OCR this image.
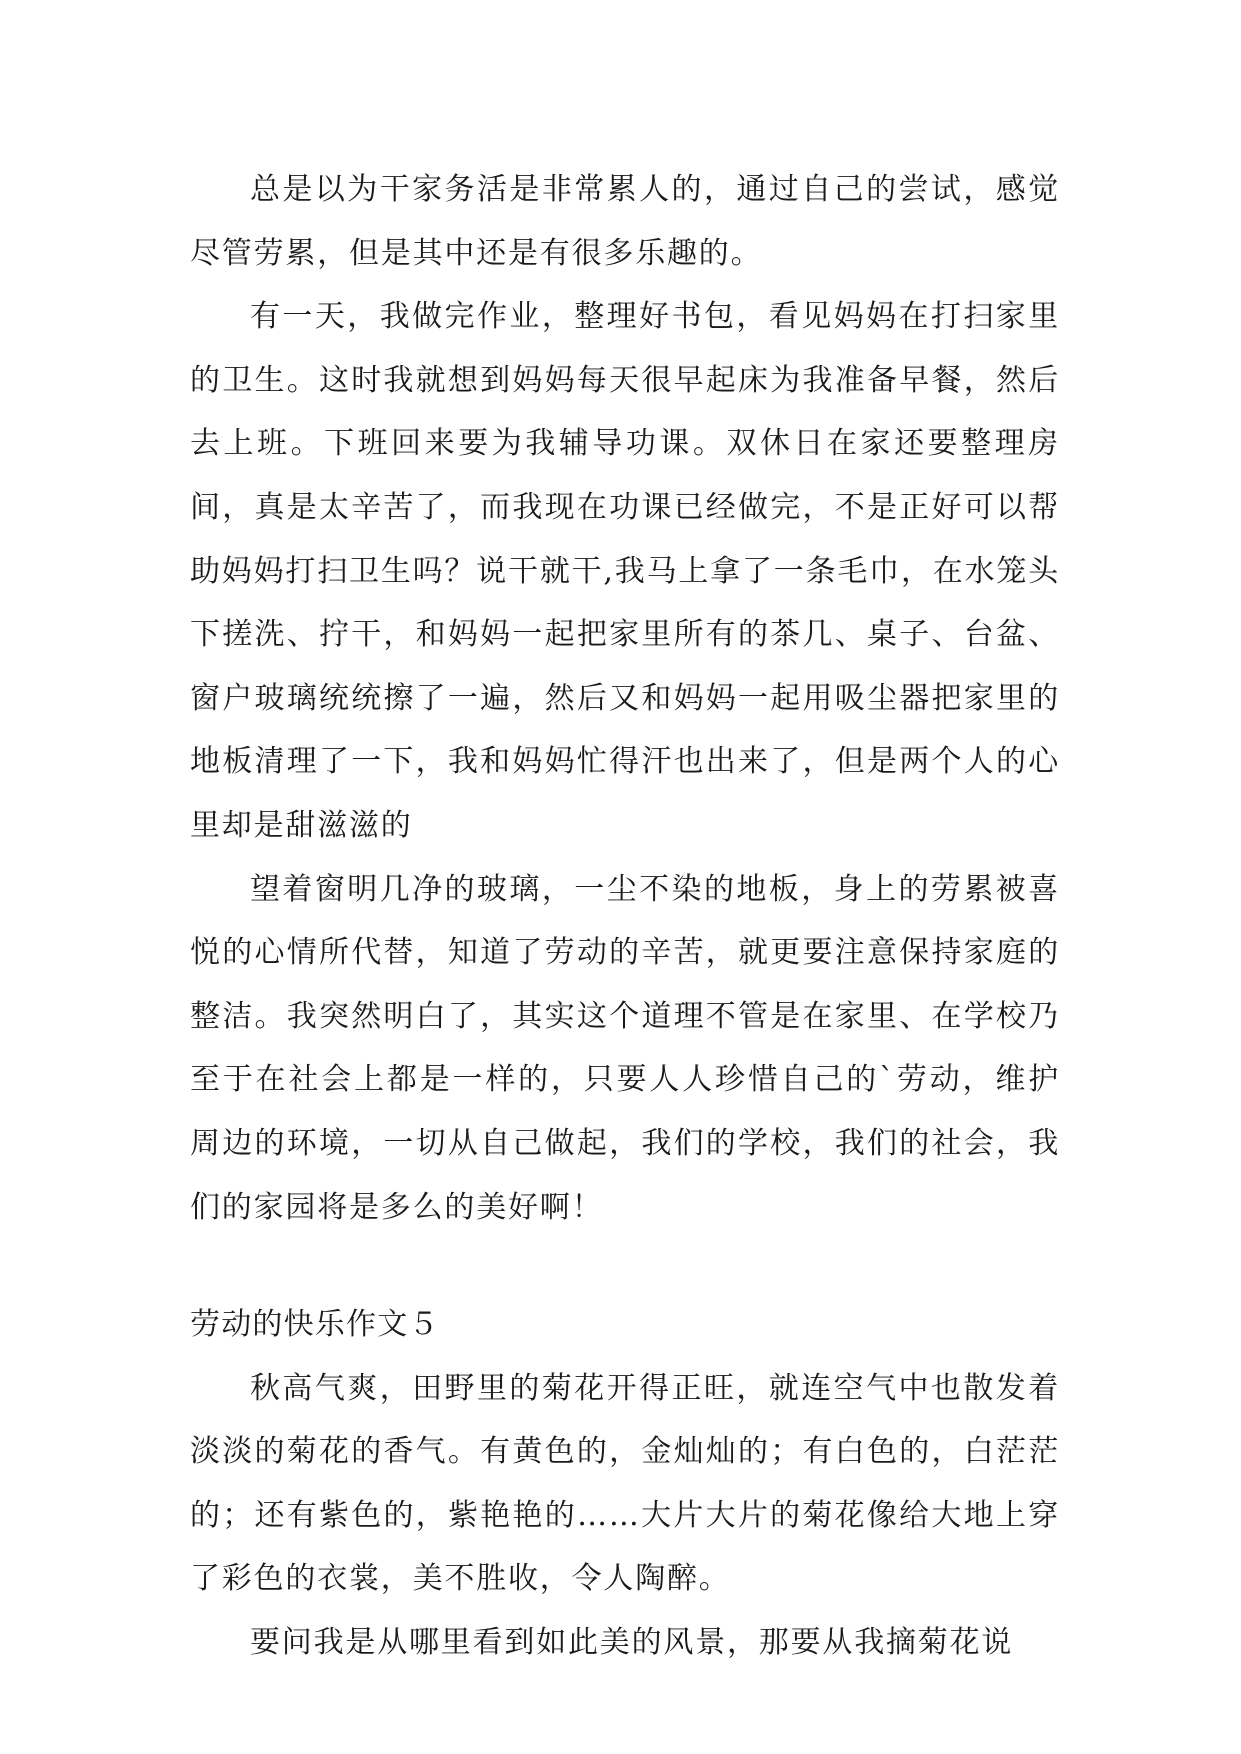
总是以为干家务活是非常累人的，通过自己的尝试，感觉尽管劳累，但是其中还是有很多乐趣的。

有一天，我做完作业，整理好书包，看见妈妈在打扫家里的卫生。这时我就想到妈妈每天很早起床为我准备早餐，然后去上班。下班回来要为我辅导功课。双休日在家还要整理房间，真是太辛苦了，而我现在功课已经做完，不是正好可以帮助妈妈打扫卫生吗？说干就干,我马上拿了一条毛巾，在水笼头下搓洗、拧干，和妈妈一起把家里所有的茶几、桌子、台盆、窗户玻璃统统擦了一遍，然后又和妈妈一起用吸尘器把家里的地板清理了一下，我和妈妈忙得汗也出来了，但是两个人的心里却是甜滋滋的

望着窗明几净的玻璃，一尘不染的地板，身上的劳累被喜悦的心情所代替，知道了劳动的辛苦，就更要注意保持家庭的整洁。我突然明白了，其实这个道理不管是在家里、在学校乃至于在社会上都是一样的，只要人人珍惜自己的`劳动，维护周边的环境，一切从自己做起，我们的学校，我们的社会，我们的家园将是多么的美好啊！

劳动的快乐作文５

秋高气爽，田野里的菊花开得正旺，就连空气中也散发着淡淡的菊花的香气。有黄色的，金灿灿的；有白色的，白茫茫的；还有紫色的，紫艳艳的……大片大片的菊花像给大地上穿了彩色的衣裳，美不胜收，令人陶醉。

要问我是从哪里看到如此美的风景，那要从我摘菊花说
